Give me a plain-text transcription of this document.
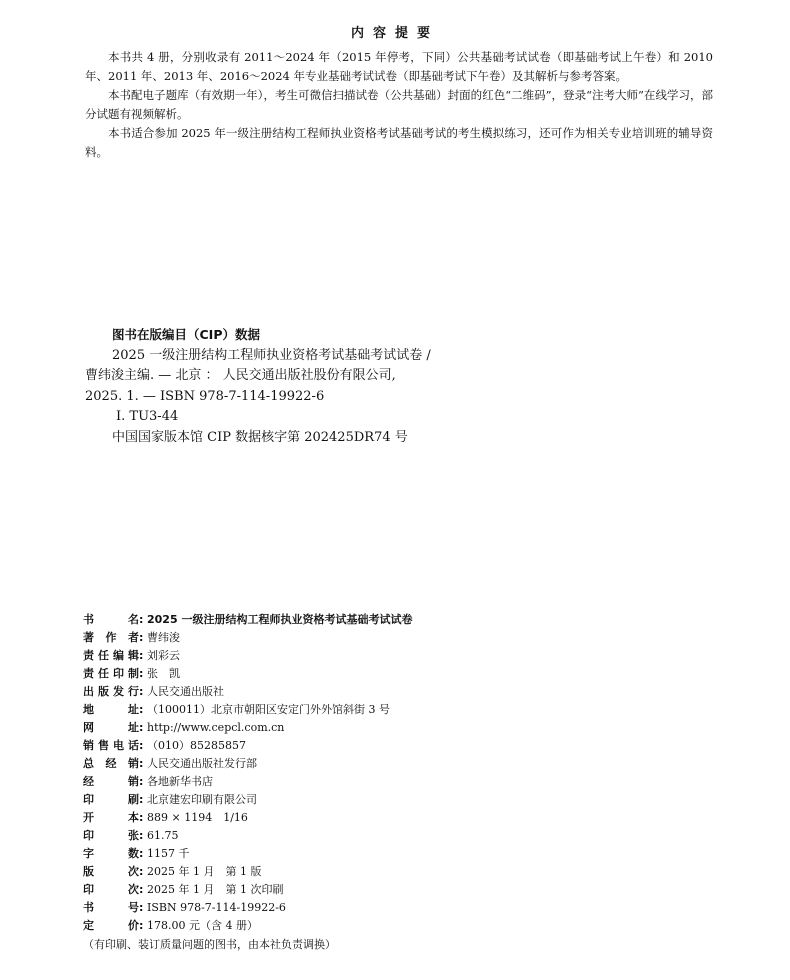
内容提要

本书共 4 册，分别收录有 2011～2024 年（2015 年停考，下同）公共基础考试试卷（即基础考试上午卷）和 2010 年、2011 年、2013 年、2016～2024 年专业基础考试试卷（即基础考试下午卷）及其解析与参考答案。

本书配电子题库（有效期一年），考生可微信扫描试卷（公共基础）封面的红色“二维码”，登录“注考大师”在线学习，部分试题有视频解析。

本书适合参加 2025 年一级注册结构工程师执业资格考试基础考试的考生模拟练习，还可作为相关专业培训班的辅导资料。

图书在版编目（CIP）数据
2025 一级注册结构工程师执业资格考试基础考试试卷 /
曹纬浚主编. — 北京 ： 人民交通出版社股份有限公司,
2025. 1. — ISBN 978-7-114-19922-6
Ⅰ. TU3-44
中国国家版本馆 CIP 数据核字第 202425DR74 号
书　　名 : 2025 一级注册结构工程师执业资格考试基础考试试卷
著 作 者 : 曹纬浚
责任编辑 : 刘彩云
责任印制 : 张　凯
出版发行 : 人民交通出版社
地　　址 : （100011）北京市朝阳区安定门外外馆斜街 3 号
网　　址 : http://www.cepcl.com.cn
销售电话 : （010）85285857
总 经 销 : 人民交通出版社发行部
经　　销 : 各地新华书店
印　　刷 : 北京建宏印刷有限公司
开　　本 : 889 × 1194　1/16
印　　张 : 61.75
字　　数 : 1157 千
版　　次 : 2025 年 1 月　第 1 版
印　　次 : 2025 年 1 月　第 1 次印刷
书　　号 : ISBN 978-7-114-19922-6
定　　价 : 178.00 元（含 4 册）
（有印刷、装订质量问题的图书，由本社负责调换）
